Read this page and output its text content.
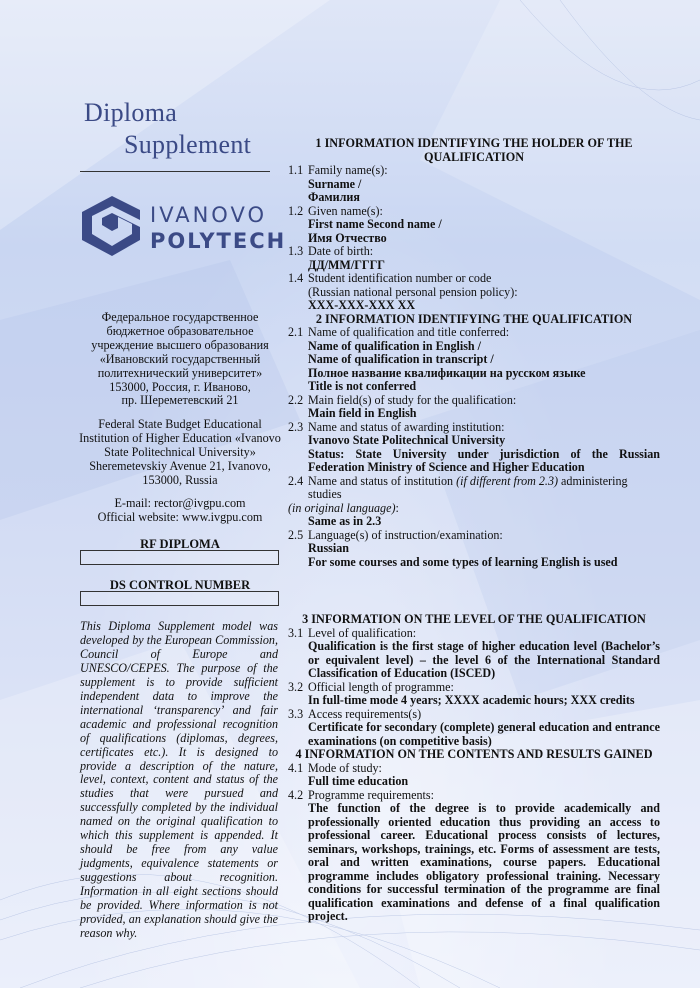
Diploma
Supplement
IVANOVO
POLYTECH
Федеральное государственное
бюджетное образовательное
учреждение высшего образования
«Ивановский государственный
политехнический университет»
153000, Россия, г. Иваново,
пр. Шереметевский 21
Federal State Budget Educational
Institution of Higher Education «Ivanovo
State Politechnical University»
Sheremetevskiy Avenue 21, Ivanovo,
153000, Russia
E-mail: rector@ivgpu.com
Official website: www.ivgpu.com
RF DIPLOMA
DS CONTROL NUMBER
This Diploma Supplement model was developed by the European Commission, Council of Europe and UNESCO/CEPES. The purpose of the supplement is to provide sufficient independent data to improve the international ‘transparency’ and fair academic and professional recognition of qualifications (diplomas, degrees, certificates etc.). It is designed to provide a description of the nature, level, context, content and status of the studies that were pursued and successfully completed by the individual named on the original qualification to which this supplement is appended. It should be free from any value judgments, equivalence statements or suggestions about recognition. Information in all eight sections should be provided. Where information is not provided, an explanation should give the reason why.
1 INFORMATION IDENTIFYING THE HOLDER OF THE QUALIFICATION
1.1 Family name(s):
Surname /
Фамилия
1.2 Given name(s):
First name Second name /
Имя Отчество
1.3 Date of birth:
ДД/ММ/ГГГГ
1.4 Student identification number or code
(Russian national personal pension policy):
XXX-XXX-XXX XX
2 INFORMATION IDENTIFYING THE QUALIFICATION
2.1 Name of qualification and title conferred:
Name of qualification in English /
Name of qualification in transcript /
Полное название квалификации на русском языке
Title is not conferred
2.2 Main field(s) of study for the qualification:
Main field in English
2.3 Name and status of awarding institution:
Ivanovo State Politechnical University
Status: State University under jurisdiction of the Russian Federation Ministry of Science and Higher Education
2.4 Name and status of institution (if different from 2.3) administering studies
(in original language):
Same as in 2.3
2.5 Language(s) of instruction/examination:
Russian
For some courses and some types of learning English is used
3 INFORMATION ON THE LEVEL OF THE QUALIFICATION
3.1 Level of qualification:
Qualification is the first stage of higher education level (Bachelor’s or equivalent level) – the level 6 of the International Standard Classification of Education (ISCED)
3.2 Official length of programme:
In full-time mode 4 years; XXXX academic hours; XXX credits
3.3 Access requirements(s)
Certificate for secondary (complete) general education and entrance examinations (on competitive basis)
4 INFORMATION ON THE CONTENTS AND RESULTS GAINED
4.1 Mode of study:
Full time education
4.2 Programme requirements:
The function of the degree is to provide academically and professionally oriented education thus providing an access to professional career. Educational process consists of lectures, seminars, workshops, trainings, etc. Forms of assessment are tests, oral and written examinations, course papers. Educational programme includes obligatory professional training. Necessary conditions for successful termination of the programme are final qualification examinations and defense of a final qualification project.
